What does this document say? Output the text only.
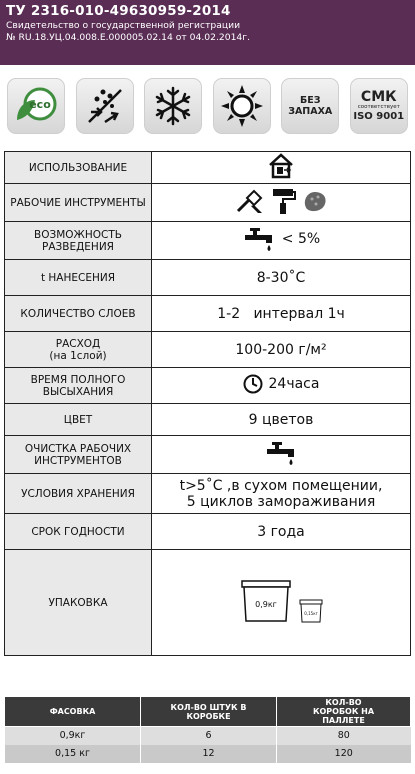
ТУ 2316-010-49630959-2014
Свидетельство о государственной регистрации
№ RU.18.УЦ.04.008.Е.000005.02.14 от 04.02.2014г.
eco	БЕЗ ЗАПАХА
СМК
соответствует
ISO 9001
ИСПОЛЬЗОВАНИЕ	
РАБОЧИЕ ИНСТРУМЕНТЫ	

ВОЗМОЖНОСТЬ РАЗВЕДЕНИЯ	< 5%

t НАНЕСЕНИЯ	8-30˚С
КОЛИЧЕСТВО СЛОЕВ	1-2   интервал 1ч

РАСХОД
(на 1слой)	100-200 г/м²
ВРЕМЯ ПОЛНОГО ВЫСЫХАНИЯ	24часа

ЦВЕТ	9 цветов
ОЧИСТКА РАБОЧИХ ИНСТРУМЕНТОВ	
УСЛОВИЯ ХРАНЕНИЯ	t>5˚С ,в сухом помещении,
5 циклов замораживания

СРОК ГОДНОСТИ	3 года
УПАКОВКА	0,9кг
0,15кг
ФАСОВКА	КОЛ-ВО ШТУК В КОРОБКЕ	КОЛ-ВО КОРОБОК НА ПАЛЛЕТЕ
0,9кг	6	80
0,15 кг	12	120
